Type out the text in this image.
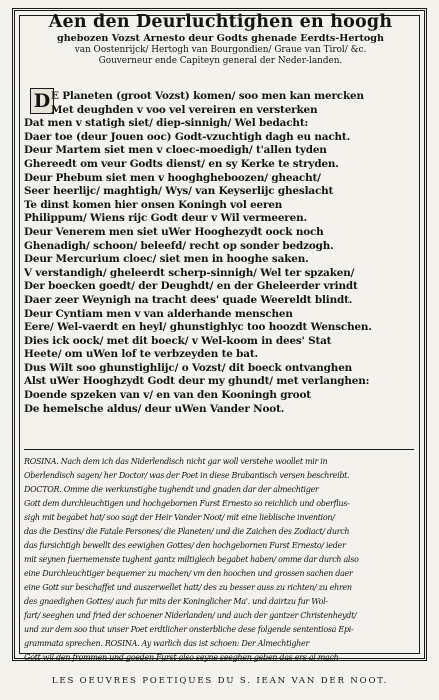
Aen den Deurluchtighen en hoogh
ghebozen Vozst Arnesto deur Godts ghenade Eerdts-Hertogh
van Oostenrijck/ Hertogh van Bourgondien/ Graue van Tirol/ &c.
Gouverneur ende Capiteyn general der Neder-landen.
D E Planeten (groot Vozst) komen/ soo men kan mercken
Met deughden v voo vel vereiren en versterken
Dat men v statigh siet/ diep-sinnigh/ Wel bedacht:
Daer toe (deur Jouen ooc) Godt-vzuchtigh dagh eu nacht.
Deur Martem siet men v cloec-moedigh/ t'allen tyden
Ghereedt om veur Godts dienst/ en sy Kerke te stryden.
Deur Phebum siet men v hooghgheboozen/ gheacht/
Seer heerlijc/ maghtigh/ Wys/ van Keyserlijc gheslacht
Te dinst komen hier onsen Koningh vol eeren
Philippum/ Wiens rijc Godt deur v Wil vermeeren.
Deur Venerem men siet uWer Hooghezydt oock noch
Ghenadigh/ schoon/ beleefd/ recht op sonder bedzogh.
Deur Mercurium cloec/ siet men in hooghe saken.
V verstandigh/ gheleerdt scherp-sinnigh/ Wel ter spzaken/
Der boecken goedt/ der Deughdt/ en der Gheleerder vrindt
Daer zeer Weynigh na tracht dees' quade Weereldt blindt.
Deur Cyntiam men v van alderhande menschen
Eere/ Wel-vaerdt en heyl/ ghunstighlyc too hoozdt Wenschen.
Dies ick oock/ met dit boeck/ v Wel-koom in dees' Stat
Heete/ om uWen lof te verbzeyden te bat.
Dus Wilt soo ghunstighlijc/ o Vozst/ dit boeck ontvanghen
Alst uWer Hooghzydt Godt deur my ghundt/ met verlanghen:
Doende spzeken van v/ en van den Kooningh groot
De hemelsche aldus/ deur uWen Vander Noot.
ROSINA. Nach dem ich das Niderlendisch nicht gar woll verstehe woollet mir in
Oberlendisch sagen/ her Doctor/ was der Poet in diese Brabantisch versen beschreibt.
DOCTOR. Omme die werkunstighe tughendt und gnaden dar der almechtiger
Gott dem durchleuchtigen und hochgebornen Furst Ernesto so reichlich und oberflus-
sigh mit begabet hat/ soo sagt der Heir Vander Noot/ mit eine lieblische invention/
das die Destins/ die Fatale Persones/ die Planeten/ und die Zaichen des Zodiact/ durch
das fursichtigh bewellt des eewighen Gottes/ den hochgebornen Furst Ernesto/ ieder
mit seynen fuernemenste tughent gantz miltiglech begabet haben/ omme dar durch also
eine Durchleuchtiger bequemer zu machen/ vm den hoochen und grossen sachen daer
eine Gott sur beschaffet und auszerwellet hatt/ des zu besser auss zu richten/ zu ehren
des gnaedighen Gottes/ auch fur mits der Koninglicher Ma'. und dairtzu fur Wol-
fart/ seeghen und fried der schoener Niderlanden/ und auch der gantzer Christenheydt/
und zur dem soo thut unser Poet erdtlicher onsterbliche dese folgende sententiosa Epi-
grammata sprechen. ROSINA. Ay warlich das ist schoen: Der Almechtigher
Gott wil den frommen und goeden Furst also seyne seeghen geben das ers al mach
LES OEUVRES POETIQUES DU S. IEAN VAN DER NOOT.
